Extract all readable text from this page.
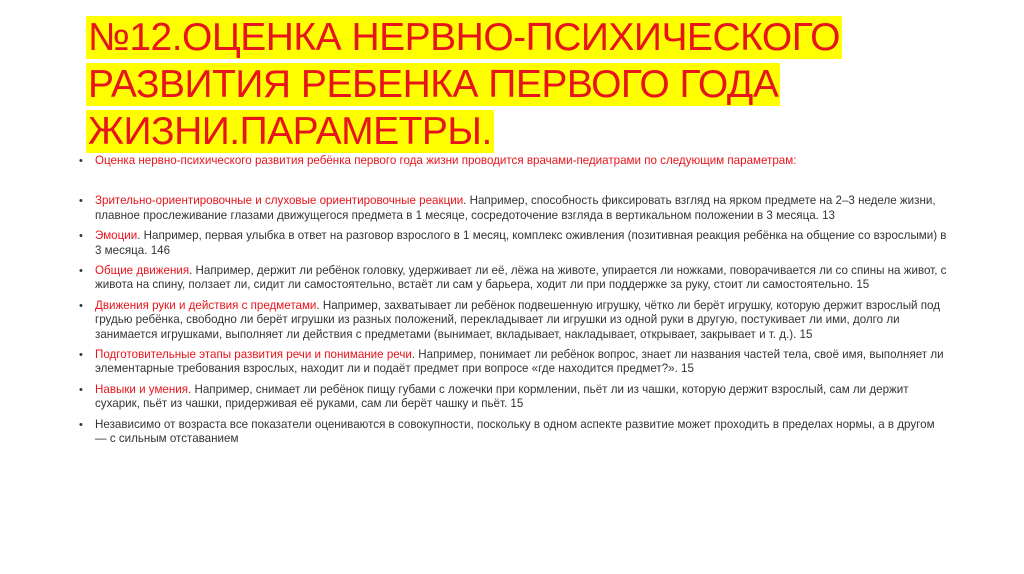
№12.ОЦЕНКА НЕРВНО-ПСИХИЧЕСКОГО
РАЗВИТИЯ РЕБЕНКА ПЕРВОГО ГОДА
ЖИЗНИ.ПАРАМЕТРЫ.
• Оценка нервно-психического развития ребёнка первого года жизни проводится врачами-педиатрами по следующим параметрам:
• Зрительно-ориентировочные и слуховые ориентировочные реакции. Например, способность фиксировать взгляд на ярком предмете на 2–3 неделе жизни, плавное прослеживание глазами движущегося предмета в 1 месяце, сосредоточение взгляда в вертикальном положении в 3 месяца. 13
• Эмоции. Например, первая улыбка в ответ на разговор взрослого в 1 месяц, комплекс оживления (позитивная реакция ребёнка на общение со взрослыми) в 3 месяца. 146
• Общие движения. Например, держит ли ребёнок головку, удерживает ли её, лёжа на животе, упирается ли ножками, поворачивается ли со спины на живот, с живота на спину, ползает ли, сидит ли самостоятельно, встаёт ли сам у барьера, ходит ли при поддержке за руку, стоит ли самостоятельно. 15
• Движения руки и действия с предметами. Например, захватывает ли ребёнок подвешенную игрушку, чётко ли берёт игрушку, которую держит взрослый под грудью ребёнка, свободно ли берёт игрушки из разных положений, перекладывает ли игрушки из одной руки в другую, постукивает ли ими, долго ли занимается игрушками, выполняет ли действия с предметами (вынимает, вкладывает, накладывает, открывает, закрывает и т. д.). 15
• Подготовительные этапы развития речи и понимание речи. Например, понимает ли ребёнок вопрос, знает ли названия частей тела, своё имя, выполняет ли элементарные требования взрослых, находит ли и подаёт предмет при вопросе «где находится предмет?». 15
• Навыки и умения. Например, снимает ли ребёнок пищу губами с ложечки при кормлении, пьёт ли из чашки, которую держит взрослый, сам ли держит сухарик, пьёт из чашки, придерживая её руками, сам ли берёт чашку и пьёт. 15
• Независимо от возраста все показатели оцениваются в совокупности, поскольку в одном аспекте развитие может проходить в пределах нормы, а в другом — с сильным отставанием
